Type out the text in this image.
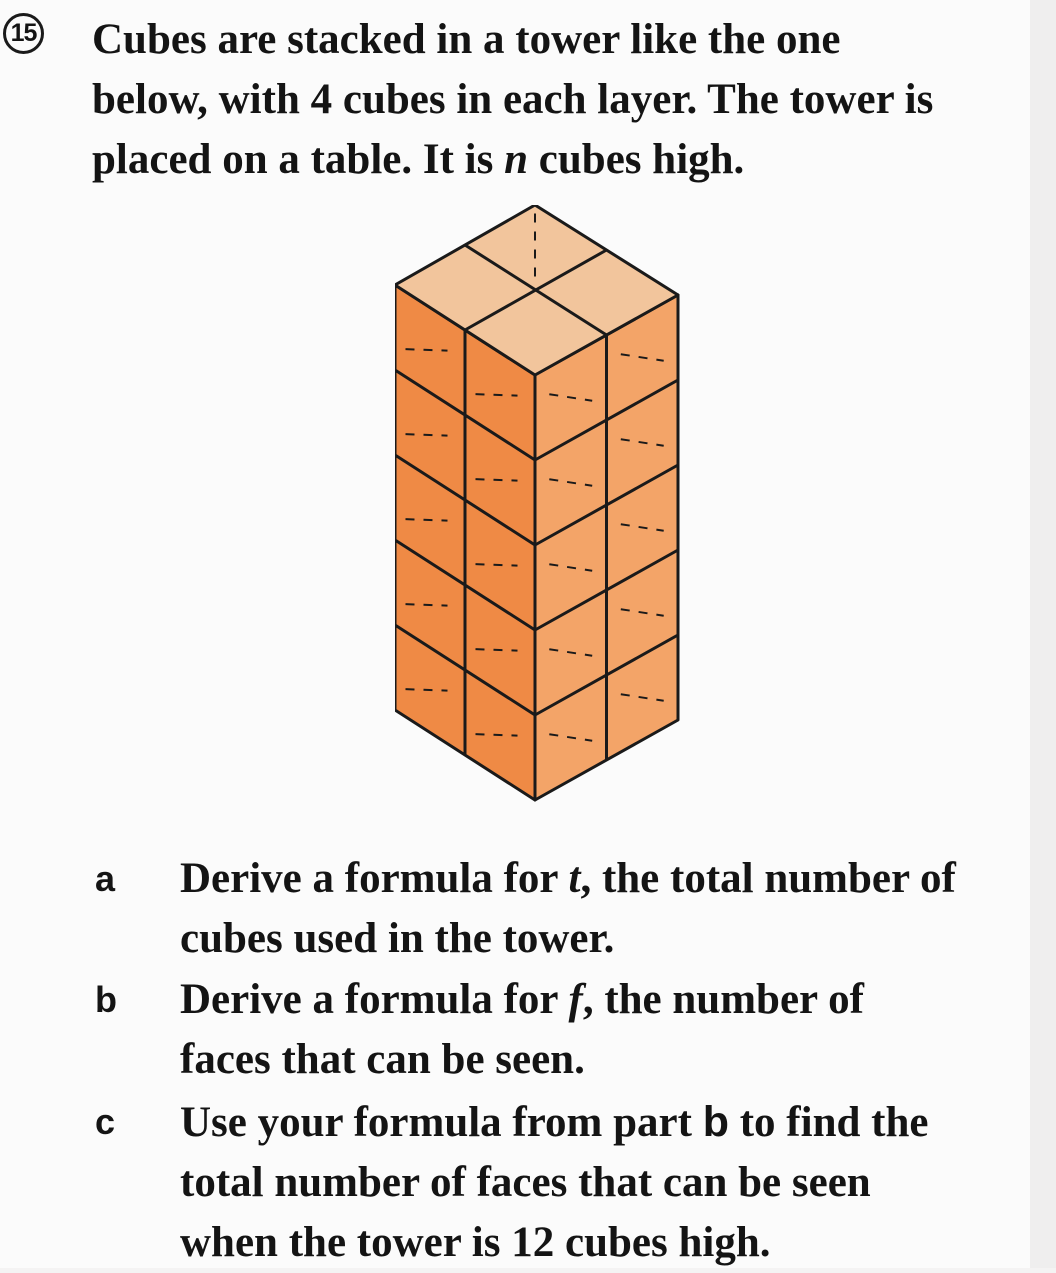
15 Cubes are stacked in a tower like the one
below, with 4 cubes in each layer. The tower is
placed on a table. It is n cubes high.
a Derive a formula for t, the total number of
cubes used in the tower.
b Derive a formula for f, the number of
faces that can be seen.
c Use your formula from part b to find the
total number of faces that can be seen
when the tower is 12 cubes high.
